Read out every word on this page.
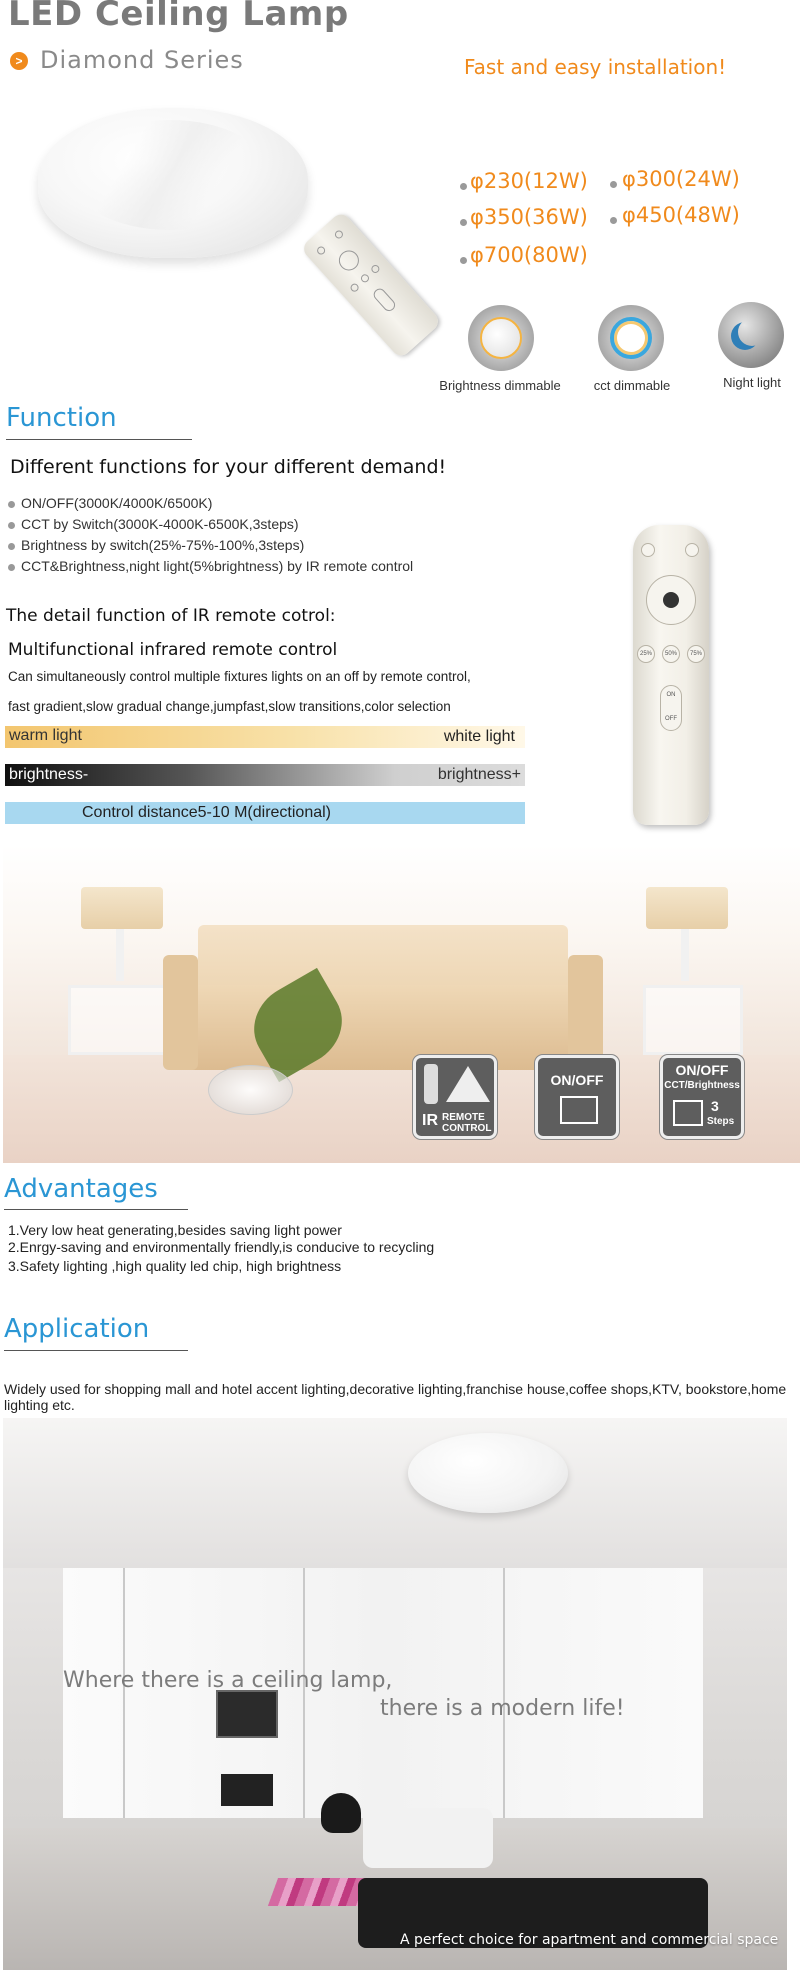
LED Ceiling Lamp
> Diamond Series	Fast and easy installation!
φ230(12W) φ300(24W)
φ350(36W) φ450(48W)
φ700(80W)
Brightness dimmable	cct dimmable	Night light
Function
Different functions for your different demand!
ON/OFF(3000K/4000K/6500K)
CCT by Switch(3000K-4000K-6500K,3steps)
Brightness by switch(25%-75%-100%,3steps)
CCT&Brightness,night light(5%brightness) by IR remote control
The detail function of IR remote cotrol:
Multifunctional infrared remote control
Can simultaneously control multiple fixtures lights on an off by remote control,
fast gradient,slow gradual change,jumpfast,slow transitions,color selection
warm light	white light
brightness-	brightness+
Control distance5-10 M(directional)
25%	50%	75%
ON
OFF
IR REMOTE
CONTROL
ON/OFF
ON/OFF
CCT/Brightness
3
Steps
Advantages
1.Very low heat generating,besides saving light power
2.Enrgy-saving and environmentally friendly,is conducive to recycling
3.Safety lighting ,high quality led chip, high brightness
Application
Widely used for shopping mall and hotel accent lighting,decorative lighting,franchise house,coffee shops,KTV, bookstore,home lighting etc.
Where there is a ceiling lamp,
there is a modern life!
A perfect choice for apartment and commercial space
